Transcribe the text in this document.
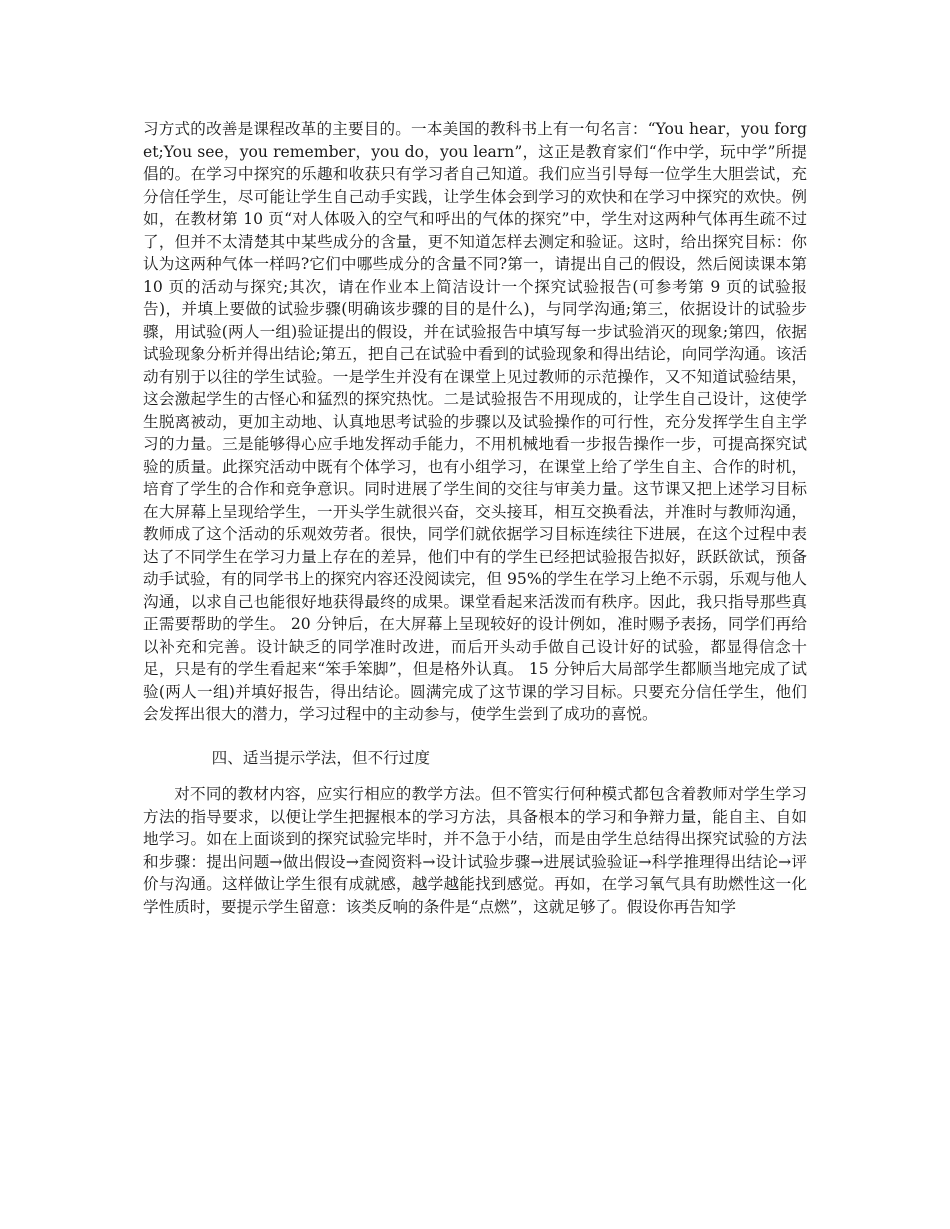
习方式的改善是课程改革的主要目的。一本美国的教科书上有一句名言：“You hear，you forget;You see，you remember，you do，you learn”，这正是教育家们“作中学，玩中学”所提倡的。在学习中探究的乐趣和收获只有学习者自己知道。我们应当引导每一位学生大胆尝试，充分信任学生，尽可能让学生自己动手实践，让学生体会到学习的欢快和在学习中探究的欢快。例如，在教材第 10 页“对人体吸入的空气和呼出的气体的探究”中，学生对这两种气体再生疏不过了，但并不太清楚其中某些成分的含量，更不知道怎样去测定和验证。这时，给出探究目标：你认为这两种气体一样吗?它们中哪些成分的含量不同?第一，请提出自己的假设，然后阅读课本第 10 页的活动与探究;其次，请在作业本上简洁设计一个探究试验报告(可参考第 9 页的试验报告)，并填上要做的试验步骤(明确该步骤的目的是什么)，与同学沟通;第三，依据设计的试验步骤，用试验(两人一组)验证提出的假设，并在试验报告中填写每一步试验消灭的现象;第四，依据试验现象分析并得出结论;第五，把自己在试验中看到的试验现象和得出结论，向同学沟通。该活动有别于以往的学生试验。一是学生并没有在课堂上见过教师的示范操作，又不知道试验结果，这会激起学生的古怪心和猛烈的探究热忱。二是试验报告不用现成的，让学生自己设计，这使学生脱离被动，更加主动地、认真地思考试验的步骤以及试验操作的可行性，充分发挥学生自主学习的力量。三是能够得心应手地发挥动手能力，不用机械地看一步报告操作一步，可提高探究试验的质量。此探究活动中既有个体学习，也有小组学习，在课堂上给了学生自主、合作的时机，培育了学生的合作和竞争意识。同时进展了学生间的交往与审美力量。这节课又把上述学习目标在大屏幕上呈现给学生，一开头学生就很兴奋，交头接耳，相互交换看法，并准时与教师沟通，教师成了这个活动的乐观效劳者。很快，同学们就依据学习目标连续往下进展，在这个过程中表达了不同学生在学习力量上存在的差异，他们中有的学生已经把试验报告拟好，跃跃欲试，预备动手试验，有的同学书上的探究内容还没阅读完，但 95%的学生在学习上绝不示弱，乐观与他人沟通，以求自己也能很好地获得最终的成果。课堂看起来活泼而有秩序。因此，我只指导那些真正需要帮助的学生。 20 分钟后，在大屏幕上呈现较好的设计例如，准时赐予表扬，同学们再给以补充和完善。设计缺乏的同学准时改进，而后开头动手做自己设计好的试验，都显得信念十足，只是有的学生看起来“笨手笨脚”，但是格外认真。 15 分钟后大局部学生都顺当地完成了试验(两人一组)并填好报告，得出结论。圆满完成了这节课的学习目标。只要充分信任学生，他们会发挥出很大的潜力，学习过程中的主动参与，使学生尝到了成功的喜悦。

四、适当提示学法，但不行过度

对不同的教材内容，应实行相应的教学方法。但不管实行何种模式都包含着教师对学生学习方法的指导要求，以便让学生把握根本的学习方法，具备根本的学习和争辩力量，能自主、自如地学习。如在上面谈到的探究试验完毕时，并不急于小结，而是由学生总结得出探究试验的方法和步骤：提出问题→做出假设→查阅资料→设计试验步骤→进展试验验证→科学推理得出结论→评价与沟通。这样做让学生很有成就感，越学越能找到感觉。再如，在学习氧气具有助燃性这一化学性质时，要提示学生留意：该类反响的条件是“点燃”，这就足够了。假设你再告知学
